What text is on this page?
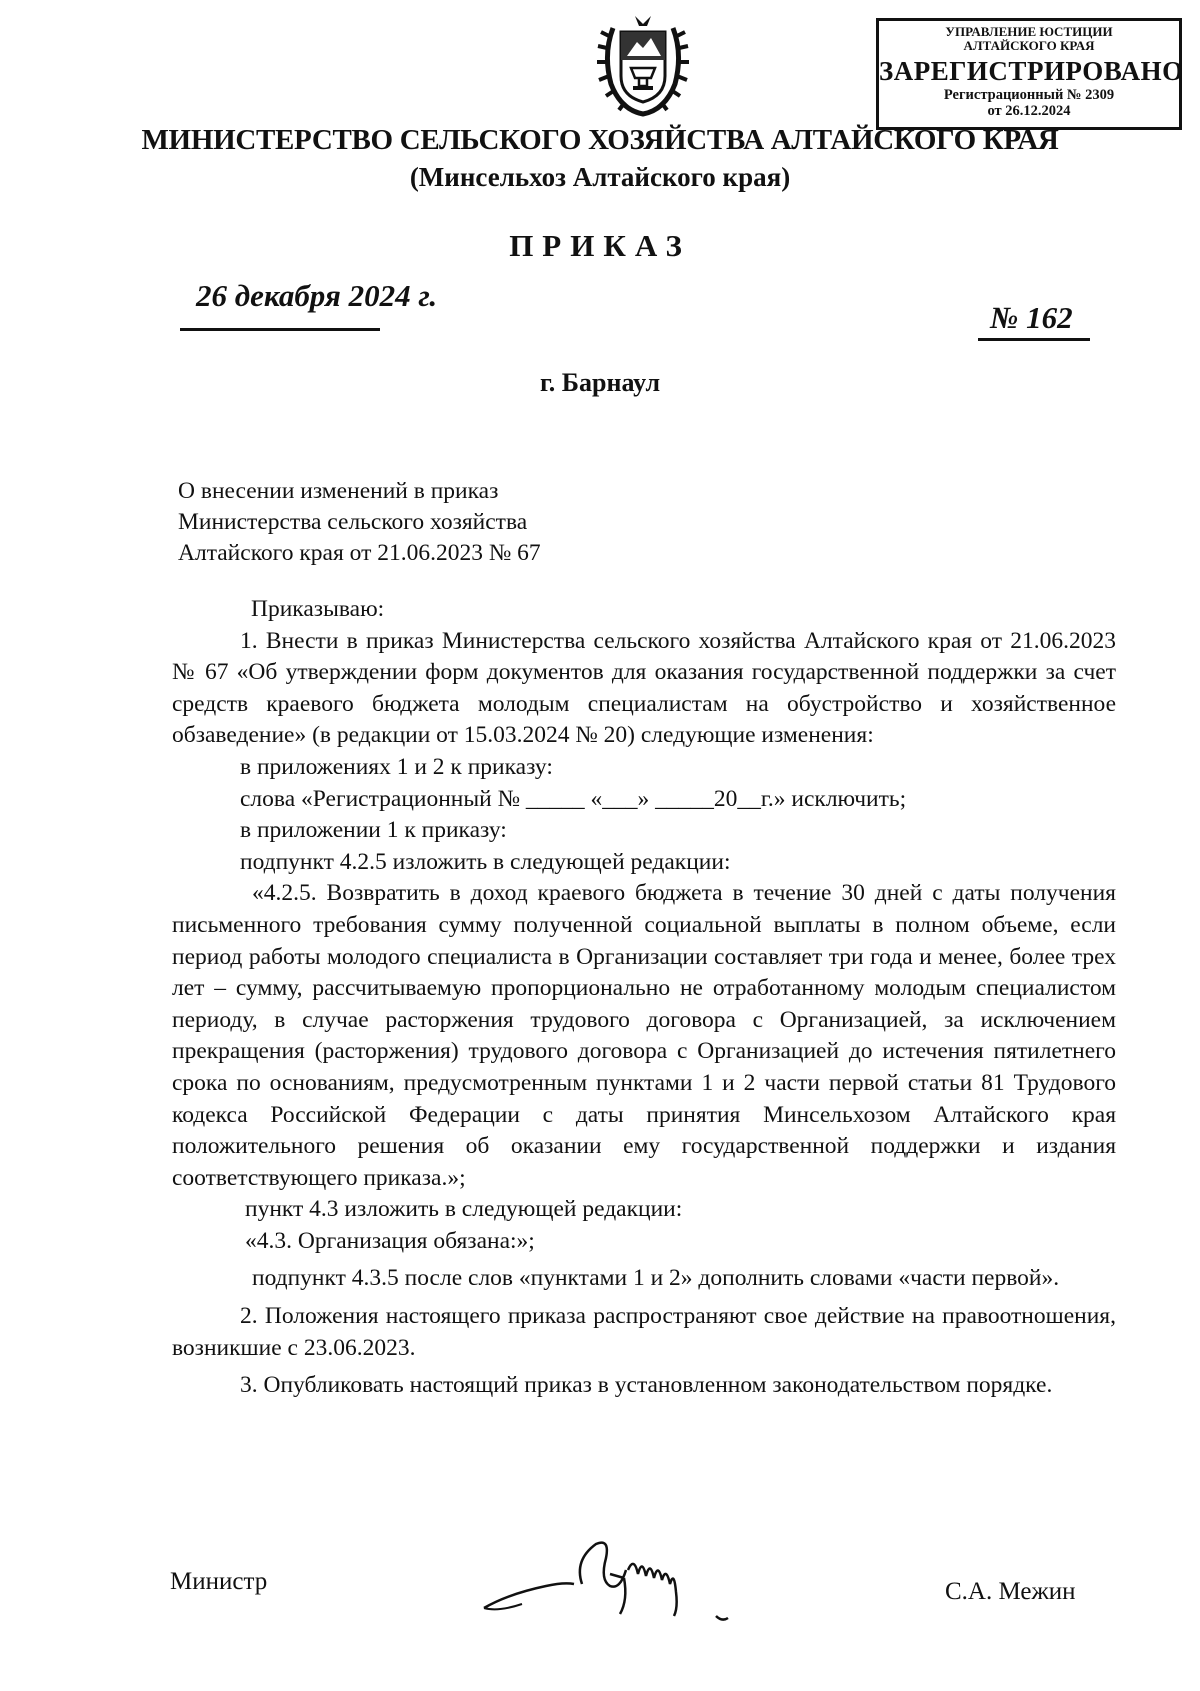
УПРАВЛЕНИЕ ЮСТИЦИИ
АЛТАЙСКОГО КРАЯ
ЗАРЕГИСТРИРОВАНО
Регистрационный № 2309
от 26.12.2024
МИНИСТЕРСТВО СЕЛЬСКОГО ХОЗЯЙСТВА АЛТАЙСКОГО КРАЯ
(Минсельхоз Алтайского края)
ПРИКАЗ
26 декабря 2024 г.
№ 162
г. Барнаул
О внесении изменений в приказ
Министерства сельского хозяйства
Алтайского края от 21.06.2023 № 67

Приказываю:

1. Внести в приказ Министерства сельского хозяйства Алтайского края от 21.06.2023 № 67 «Об утверждении форм документов для оказания государственной поддержки за счет средств краевого бюджета молодым специалистам на обустройство и хозяйственное обзаведение» (в редакции от 15.03.2024 № 20) следующие изменения:

в приложениях 1 и 2 к приказу:

слова «Регистрационный № _____ «___» _____20__г.» исключить;

в приложении 1 к приказу:

подпункт 4.2.5 изложить в следующей редакции:

«4.2.5. Возвратить в доход краевого бюджета в течение 30 дней с даты получения письменного требования сумму полученной социальной выплаты в полном объеме, если период работы молодого специалиста в Организации составляет три года и менее, более трех лет – сумму, рассчитываемую пропорционально не отработанному молодым специалистом периоду, в случае расторжения трудового договора с Организацией, за исключением прекращения (расторжения) трудового договора с Организацией до истечения пятилетнего срока по основаниям, предусмотренным пунктами 1 и 2 части первой статьи 81 Трудового кодекса Российской Федерации с даты принятия Минсельхозом Алтайского края положительного решения об оказании ему государственной поддержки и издания соответствующего приказа.»;

пункт 4.3 изложить в следующей редакции:

«4.3. Организация обязана:»;

подпункт 4.3.5 после слов «пунктами 1 и 2» дополнить словами «части первой».

2. Положения настоящего приказа распространяют свое действие на правоотношения, возникшие с 23.06.2023.

3. Опубликовать настоящий приказ в установленном законодательством порядке.

Министр	С.А. Межин
